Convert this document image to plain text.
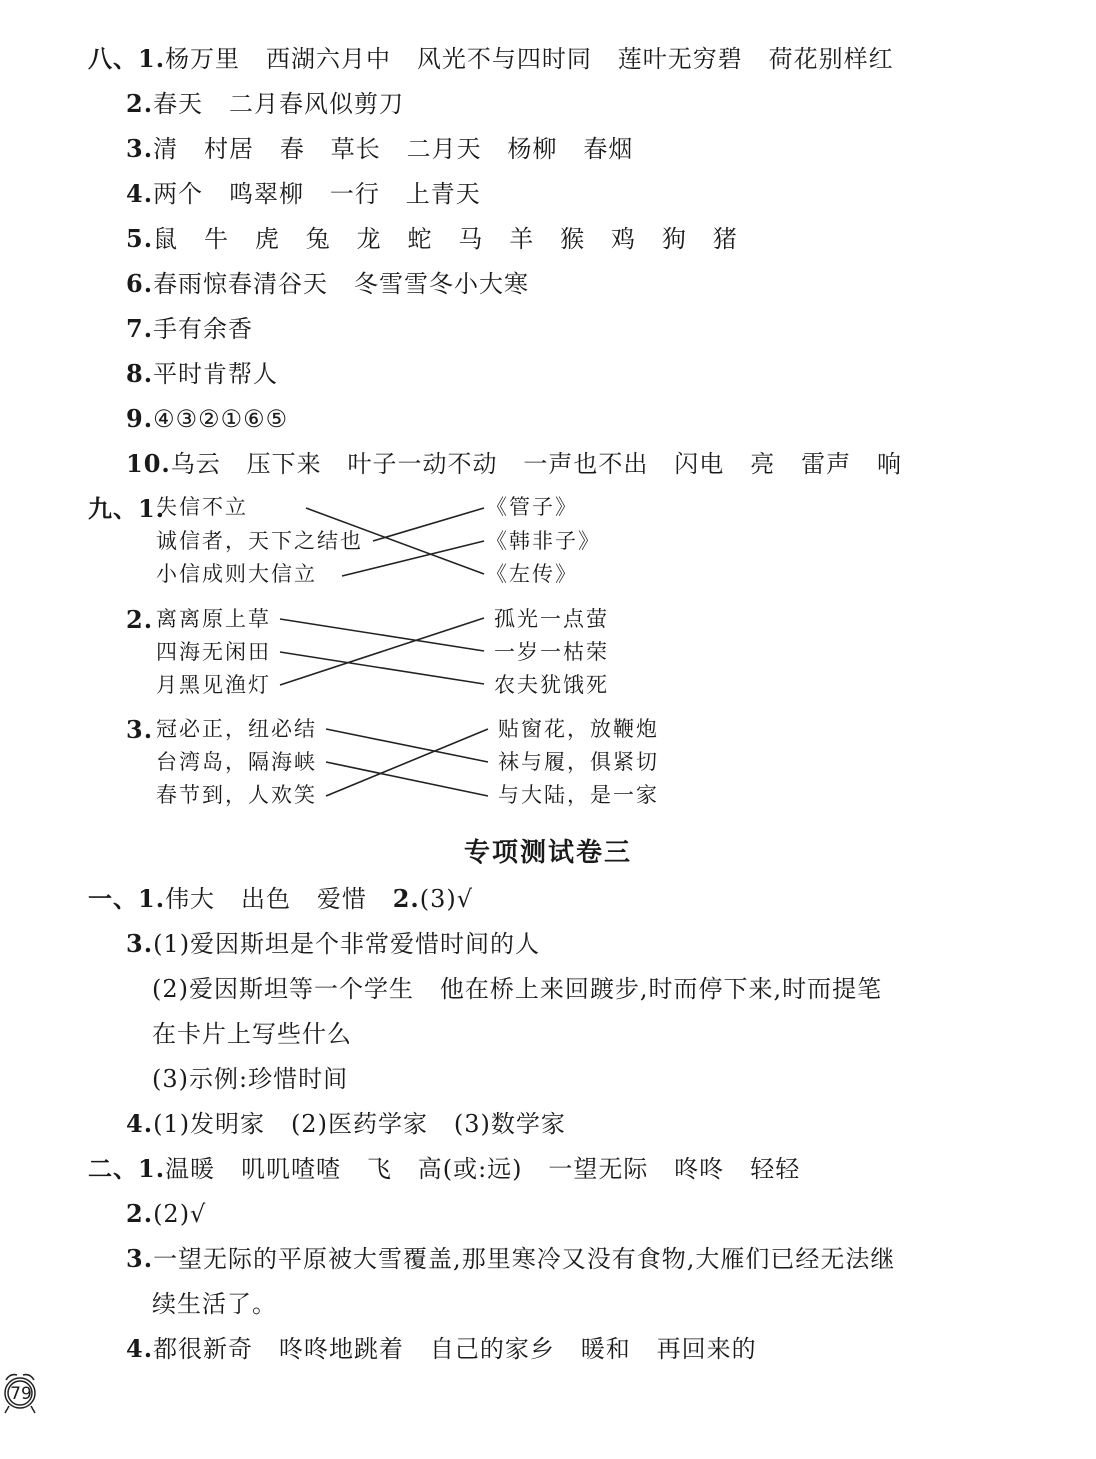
八、1.杨万里   西湖六月中   风光不与四时同   莲叶无穷碧   荷花别样红
2.春天   二月春风似剪刀
3.清   村居   春   草长   二月天   杨柳   春烟
4.两个   鸣翠柳   一行   上青天
5.鼠   牛   虎   兔   龙   蛇   马   羊   猴   鸡   狗   猪
6.春雨惊春清谷天   冬雪雪冬小大寒
7.手有余香
8.平时肯帮人
9.④③②①⑥⑤
10.乌云   压下来   叶子一动不动   一声也不出   闪电   亮   雷声   响
九、1.
失信不立
诚信者，天下之结也
小信成则大信立
《管子》
《韩非子》
《左传》
2. 离离原上草
四海无闲田
月黑见渔灯
孤光一点萤
一岁一枯荣
农夫犹饿死
3. 冠必正，纽必结
台湾岛，隔海峡
春节到，人欢笑
贴窗花，放鞭炮
袜与履，俱紧切
与大陆，是一家
专项测试卷三
一、1.伟大   出色   爱惜   2.(3)√
3.(1)爱因斯坦是个非常爱惜时间的人
(2)爱因斯坦等一个学生   他在桥上来回踱步,时而停下来,时而提笔
在卡片上写些什么
(3)示例:珍惜时间
4.(1)发明家   (2)医药学家   (3)数学家
二、1.温暖   叽叽喳喳   飞   高(或:远)   一望无际   咚咚   轻轻
2.(2)√
3.一望无际的平原被大雪覆盖,那里寒冷又没有食物,大雁们已经无法继
续生活了。
4.都很新奇   咚咚地跳着   自己的家乡   暖和   再回来的
79
